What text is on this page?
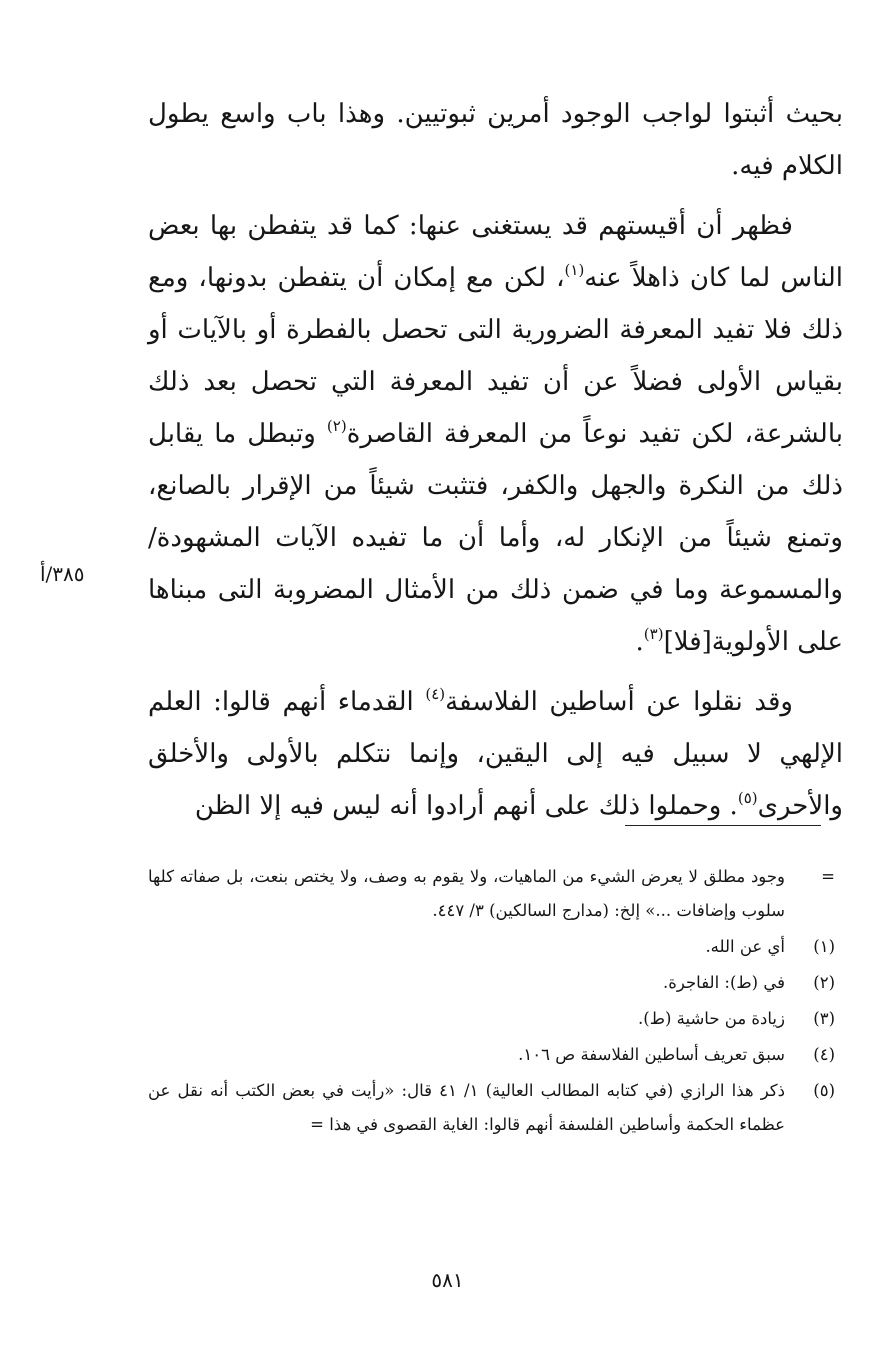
بحيث أثبتوا لواجب الوجود أمرين ثبوتيين. وهذا باب واسع يطول الكلام فيه.

فظهر أن أقيستهم قد يستغنى عنها: كما قد يتفطن بها بعض الناس لما كان ذاهلاً عنه$^{(١)}$، لكن مع إمكان أن يتفطن بدونها، ومع ذلك فلا تفيد المعرفة الضرورية التى تحصل بالفطرة أو بالآيات أو بقياس الأولى فضلاً عن أن تفيد المعرفة التي تحصل بعد ذلك بالشرعة، لكن تفيد نوعاً من المعرفة القاصرة$^{(٢)}$ وتبطل ما يقابل ذلك من النكرة والجهل والكفر، فتثبت شيئاً من الإقرار بالصانع، وتمنع شيئاً من الإنكار له، وأما أن ما تفيده الآيات المشهودة/والمسموعة وما في ضمن ذلك من الأمثال المضروبة التى مبناها على الأولوية[فلا]$^{(٣)}$.

وقد نقلوا عن أساطين الفلاسفة$^{(٤)}$ القدماء أنهم قالوا: العلم الإلهي لا سبيل فيه إلى اليقين، وإنما نتكلم بالأولى والأخلق والأحرى$^{(٥)}$. وحملوا ذلك على أنهم أرادوا أنه ليس فيه إلا الظن

٣٨٥/أ
=
وجود مطلق لا يعرض الشيء من الماهيات، ولا يقوم به وصف، ولا يختص بنعت، بل صفاته كلها سلوب وإضافات ...» إلخ: (مدارج السالكين) ٣/ ٤٤٧.
(١)
أي عن الله.
(٢)
في (ط): الفاجرة.
(٣)
زيادة من حاشية (ط).
(٤)
سبق تعريف أساطين الفلاسفة ص ١٠٦.
(٥)
ذكر هذا الرازي (في كتابه المطالب العالية) ١/ ٤١ قال: «رأيت في بعض الكتب أنه نقل عن عظماء الحكمة وأساطين الفلسفة أنهم قالوا: الغاية القصوى في هذا =
٥٨١
